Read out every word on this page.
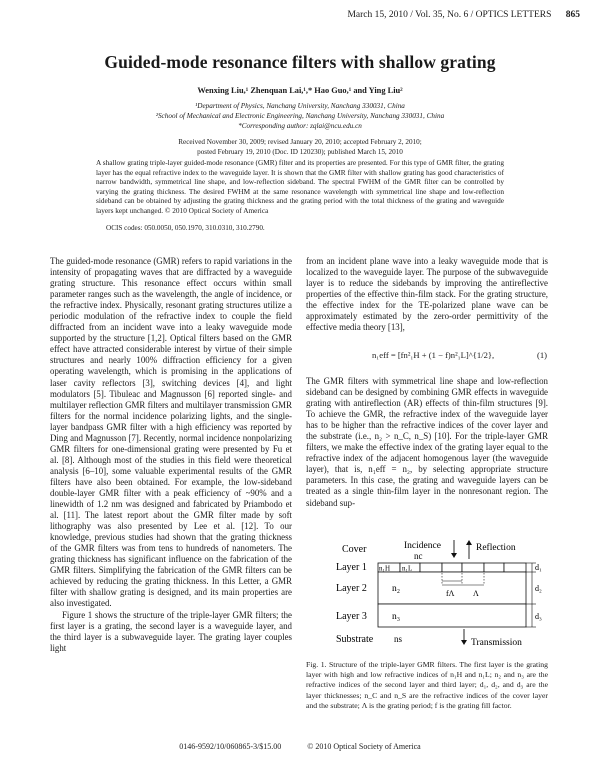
March 15, 2010 / Vol. 35, No. 6 / OPTICS LETTERS 865
Guided-mode resonance filters with shallow grating
Wenxing Liu,¹ Zhenquan Lai,¹,* Hao Guo,¹ and Ying Liu²
¹Department of Physics, Nanchang University, Nanchang 330031, China
²School of Mechanical and Electronic Engineering, Nanchang University, Nanchang 330031, China
*Corresponding author: zqlai@ncu.edu.cn
Received November 30, 2009; revised January 20, 2010; accepted February 2, 2010;
posted February 19, 2010 (Doc. ID 120230); published March 15, 2010
A shallow grating triple-layer guided-mode resonance (GMR) filter and its properties are presented. For this type of GMR filter, the grating layer has the equal refractive index to the waveguide layer. It is shown that the GMR filter with shallow grating has good characteristics of narrow bandwidth, symmetrical line shape, and low-reflection sideband. The spectral FWHM of the GMR filter can be controlled by varying the grating thickness. The desired FWHM at the same resonance wavelength with symmetrical line shape and low-reflection sideband can be obtained by adjusting the grating thickness and the grating period with the total thickness of the grating and waveguide layers kept unchanged. © 2010 Optical Society of America
OCIS codes: 050.0050, 050.1970, 310.0310, 310.2790.

The guided-mode resonance (GMR) refers to rapid variations in the intensity of propagating waves that are diffracted by a waveguide grating structure. This resonance effect occurs within small parameter ranges such as the wavelength, the angle of incidence, or the refractive index. Physically, resonant grating structures utilize a periodic modulation of the refractive index to couple the field diffracted from an incident wave into a leaky waveguide mode supported by the structure [1,2]. Optical filters based on the GMR effect have attracted considerable interest by virtue of their simple structures and nearly 100% diffraction efficiency for a given operating wavelength, which is promising in the applications of laser cavity reflectors [3], switching devices [4], and light modulators [5]. Tibuleac and Magnusson [6] reported single- and multilayer reflection GMR filters and multilayer transmission GMR filters for the normal incidence polarizing lights, and the single-layer bandpass GMR filter with a high efficiency was reported by Ding and Magnusson [7]. Recently, normal incidence nonpolarizing GMR filters for one-dimensional grating were presented by Fu et al. [8]. Although most of the studies in this field were theoretical analysis [6–10], some valuable experimental results of the GMR filters have also been obtained. For example, the low-sideband double-layer GMR filter with a peak efficiency of ~90% and a linewidth of 1.2 nm was designed and fabricated by Priambodo et al. [11]. The latest report about the GMR filter made by soft lithography was also presented by Lee et al. [12]. To our knowledge, previous studies had shown that the grating thickness of the GMR filters was from tens to hundreds of nanometers. The grating thickness has significant influence on the fabrication of the GMR filters. Simplifying the fabrication of the GMR filters can be achieved by reducing the grating thickness. In this Letter, a GMR filter with shallow grating is designed, and its main properties are also investigated.

Figure 1 shows the structure of the triple-layer GMR filters; the first layer is a grating, the second layer is a waveguide layer, and the third layer is a subwaveguide layer. The grating layer couples light

from an incident plane wave into a leaky waveguide mode that is localized to the waveguide layer. The purpose of the subwaveguide layer is to reduce the sidebands by improving the antireflective properties of the effective thin-film stack. For the grating structure, the effective index for the TE-polarized plane wave can be approximately estimated by the zero-order permittivity of the effective media theory [13],
n₁eff = [fn²₁H + (1 − f)n²₁L]^{1/2},	(1)
The GMR filters with symmetrical line shape and low-reflection sideband can be designed by combining GMR effects in waveguide grating with antireflection (AR) effects of thin-film structures [9]. To achieve the GMR, the refractive index of the waveguide layer has to be higher than the refractive indices of the cover layer and the substrate (i.e., n₂ > n_C, n_S) [10]. For the triple-layer GMR filters, we make the effective index of the grating layer equal to the refractive index of the adjacent homogenous layer (the waveguide layer), that is, n₁eff = n₂, by selecting appropriate structure parameters. In this case, the grating and waveguide layers can be treated as a single thin-film layer in the nonresonant region. The sideband sup-
Cover	Incidence
nc
Reflection
Layer 1 n₁H n₁L
Layer 2	n₂	fΛ Λ
Layer 3	n₃
d₁
d₂
d₃
Substrate ns	Transmission
Fig. 1. Structure of the triple-layer GMR filters. The first layer is the grating layer with high and low refractive indices of n₁H and n₁L; n₂ and n₃ are the refractive indices of the second layer and third layer; d₁, d₂, and d₃ are the layer thicknesses; n_C and n_S are the refractive indices of the cover layer and the substrate; Λ is the grating period; f is the grating fill factor.
0146-9592/10/060865-3/$15.00	© 2010 Optical Society of America
